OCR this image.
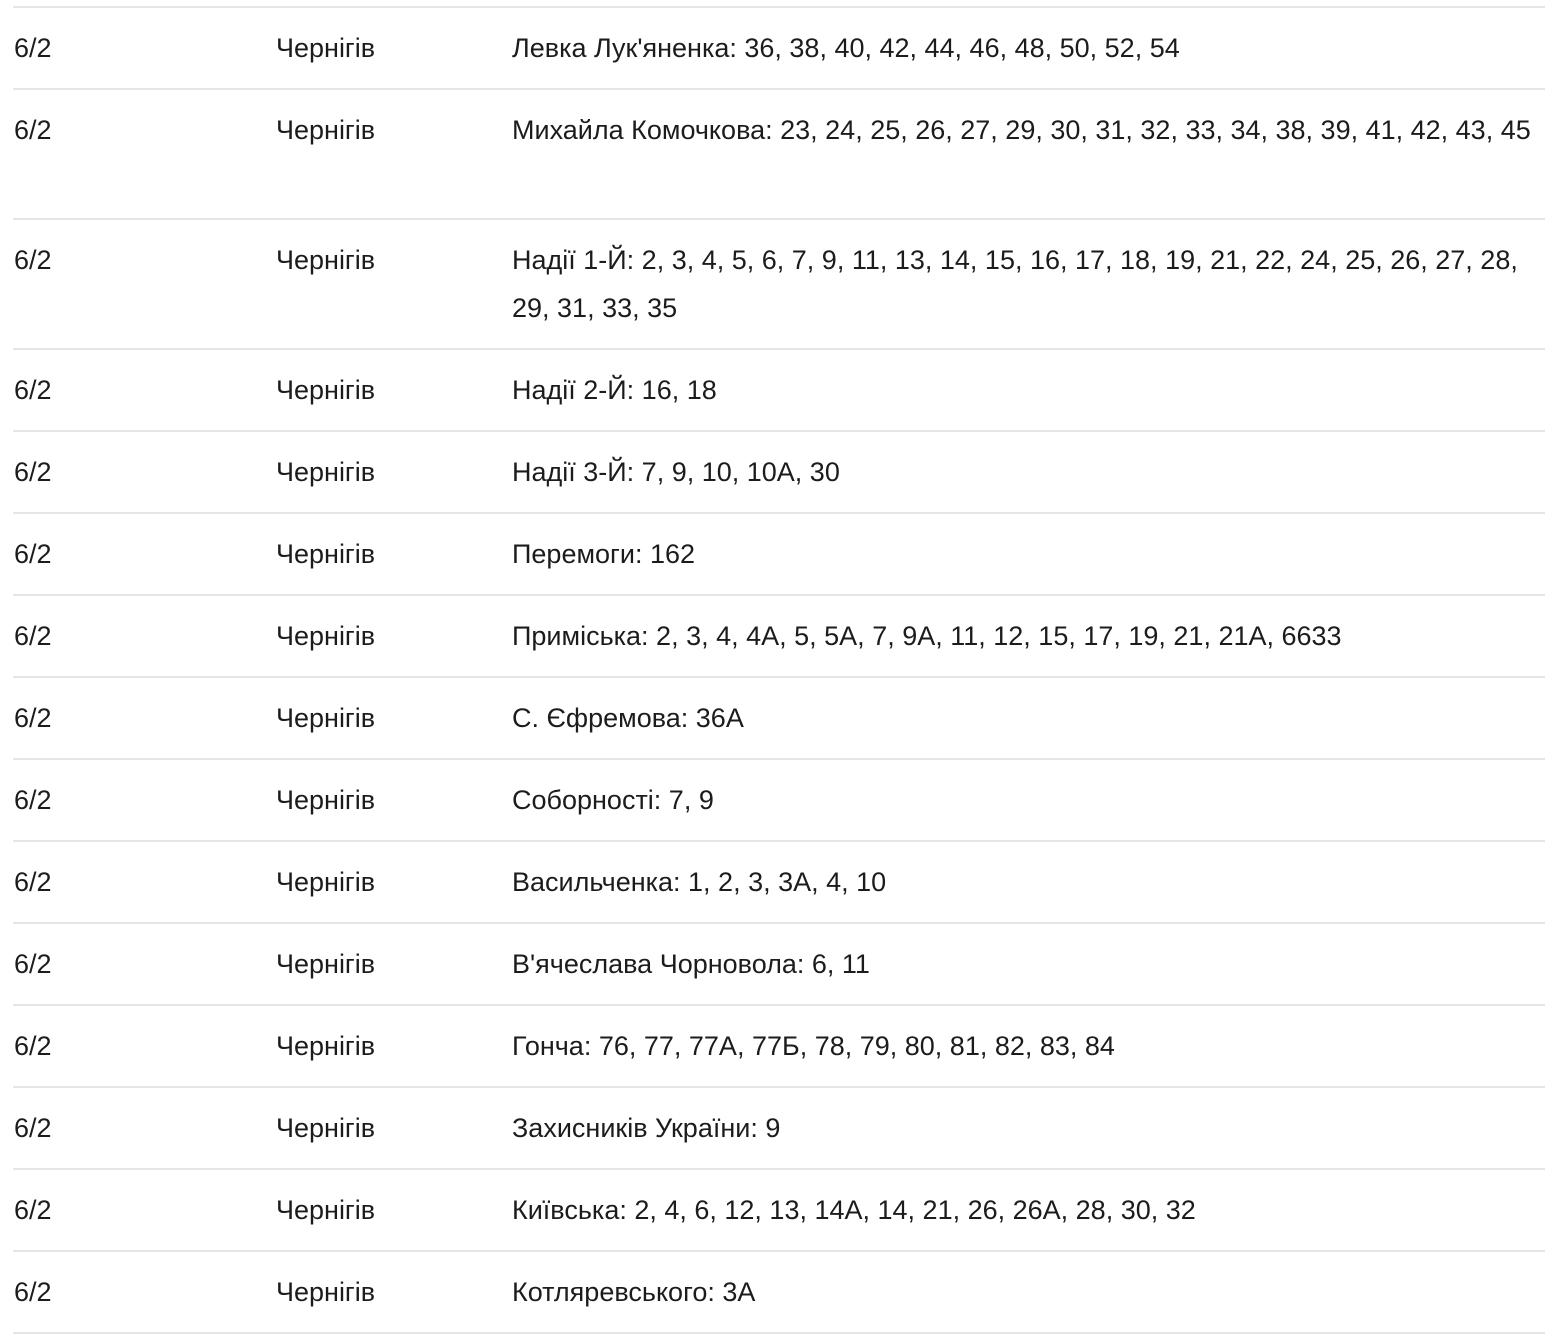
6/2	Чернігів	Левка Лук'яненка: 36, 38, 40, 42, 44, 46, 48, 50, 52, 54
6/2	Чернігів	Михайла Комочкова: 23, 24, 25, 26, 27, 29, 30, 31, 32, 33, 34, 38, 39, 41, 42, 43, 45
6/2	Чернігів	Надії 1-Й: 2, 3, 4, 5, 6, 7, 9, 11, 13, 14, 15, 16, 17, 18, 19, 21, 22, 24, 25, 26, 27, 28, 29, 31, 33, 35
6/2	Чернігів	Надії 2-Й: 16, 18
6/2	Чернігів	Надії 3-Й: 7, 9, 10, 10А, 30
6/2	Чернігів	Перемоги: 162
6/2	Чернігів	Приміська: 2, 3, 4, 4А, 5, 5А, 7, 9А, 11, 12, 15, 17, 19, 21, 21А, 6633
6/2	Чернігів	С. Єфремова: 36А
6/2	Чернігів	Соборності: 7, 9
6/2	Чернігів	Васильченка: 1, 2, 3, 3А, 4, 10
6/2	Чернігів	В'ячеслава Чорновола: 6, 11
6/2	Чернігів	Гонча: 76, 77, 77А, 77Б, 78, 79, 80, 81, 82, 83, 84
6/2	Чернігів	Захисників України: 9
6/2	Чернігів	Київська: 2, 4, 6, 12, 13, 14А, 14, 21, 26, 26А, 28, 30, 32
6/2	Чернігів	Котляревського: 3А
